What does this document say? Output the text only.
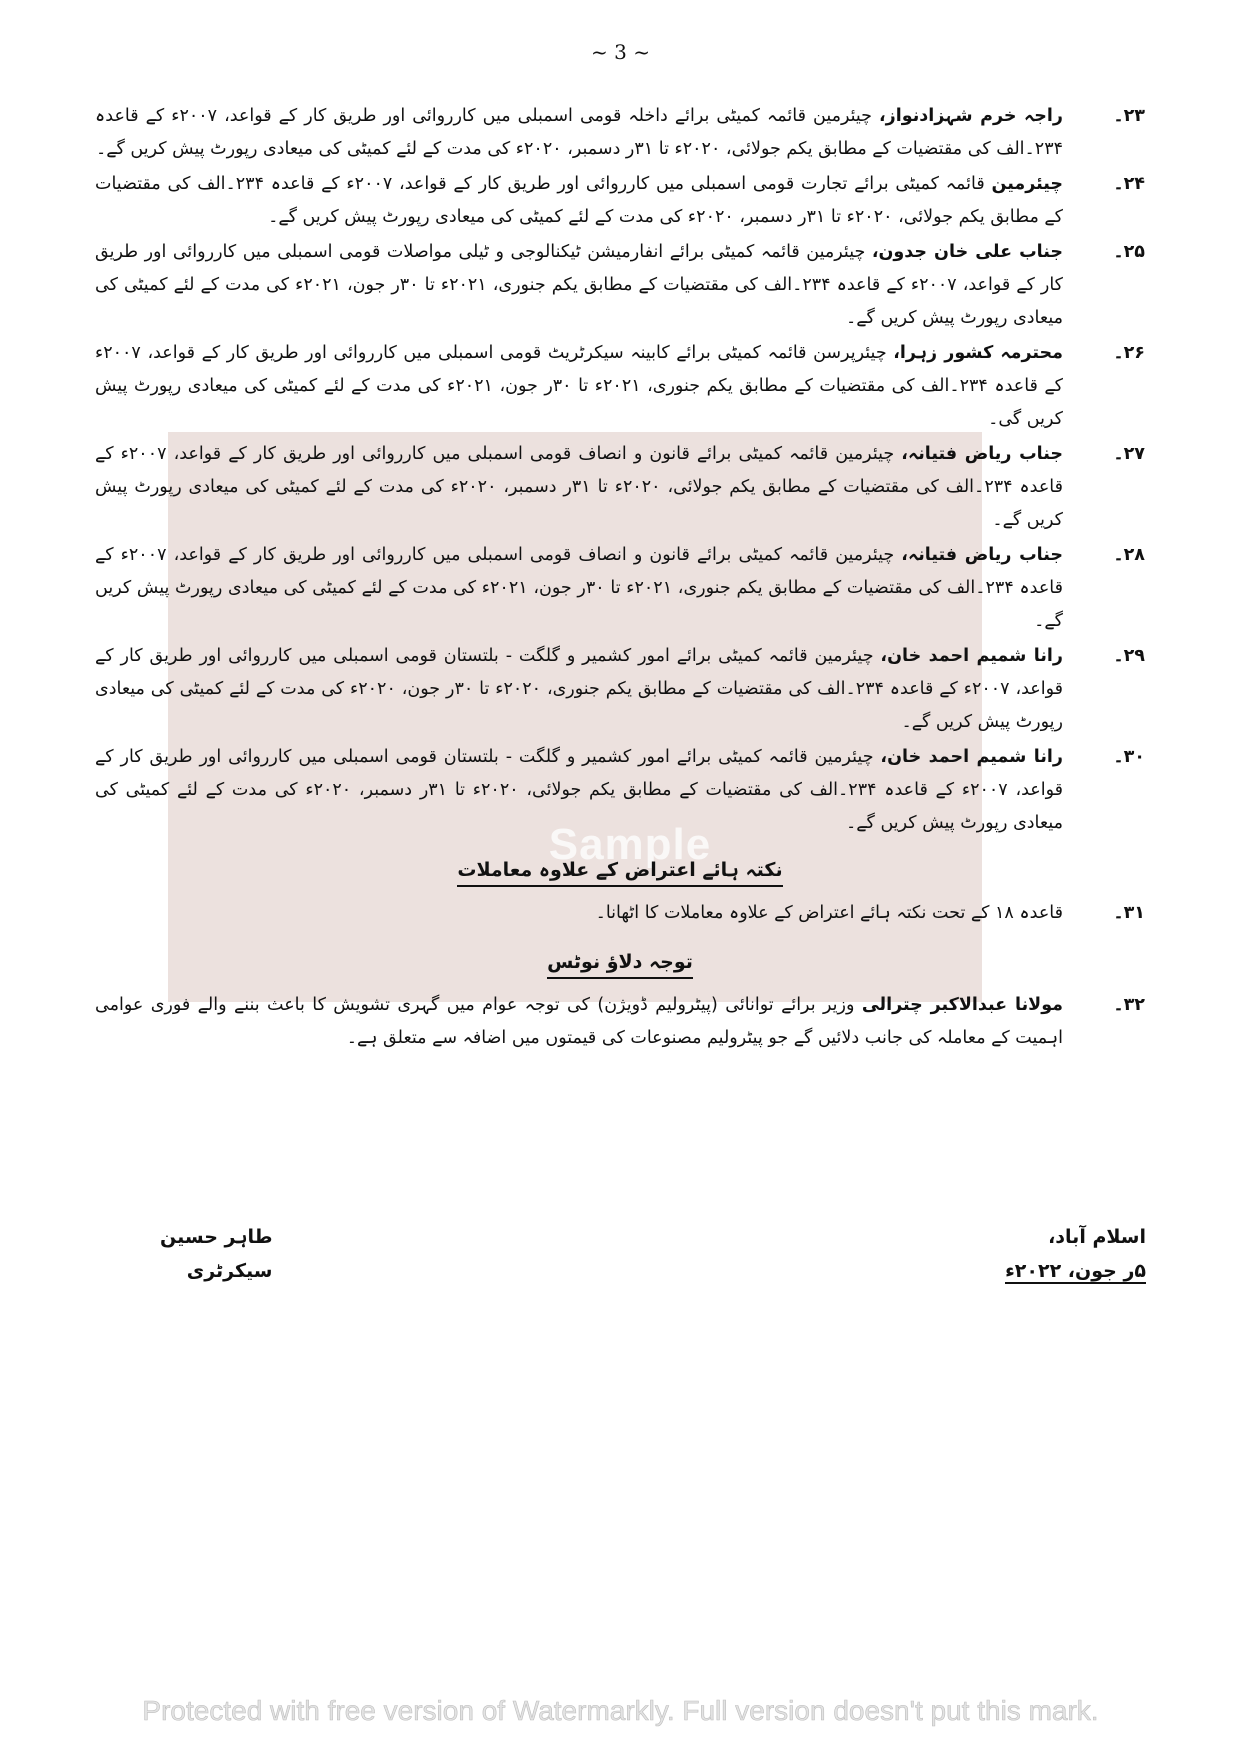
~ 3 ~
Sample
۲۳۔
راجہ خرم شہزادنواز، چیئرمین قائمہ کمیٹی برائے داخلہ قومی اسمبلی میں کارروائی اور طریق کار کے قواعد، ۲۰۰۷ء کے قاعدہ ۲۳۴۔الف کی مقتضیات کے مطابق یکم جولائی، ۲۰۲۰ء تا ۳۱ر دسمبر، ۲۰۲۰ء کی مدت کے لئے کمیٹی کی میعادی رپورٹ پیش کریں گے۔
۲۴۔
چیئرمین قائمہ کمیٹی برائے تجارت قومی اسمبلی میں کارروائی اور طریق کار کے قواعد، ۲۰۰۷ء کے قاعدہ ۲۳۴۔الف کی مقتضیات کے مطابق یکم جولائی، ۲۰۲۰ء تا ۳۱ر دسمبر، ۲۰۲۰ء کی مدت کے لئے کمیٹی کی میعادی رپورٹ پیش کریں گے۔
۲۵۔
جناب علی خان جدون، چیئرمین قائمہ کمیٹی برائے انفارمیشن ٹیکنالوجی و ٹیلی مواصلات قومی اسمبلی میں کارروائی اور طریق کار کے قواعد، ۲۰۰۷ء کے قاعدہ ۲۳۴۔الف کی مقتضیات کے مطابق یکم جنوری، ۲۰۲۱ء تا ۳۰ر جون، ۲۰۲۱ء کی مدت کے لئے کمیٹی کی میعادی رپورٹ پیش کریں گے۔
۲۶۔
محترمہ کشور زہرا، چیئرپرسن قائمہ کمیٹی برائے کابینہ سیکرٹریٹ قومی اسمبلی میں کارروائی اور طریق کار کے قواعد، ۲۰۰۷ء کے قاعدہ ۲۳۴۔الف کی مقتضیات کے مطابق یکم جنوری، ۲۰۲۱ء تا ۳۰ر جون، ۲۰۲۱ء کی مدت کے لئے کمیٹی کی میعادی رپورٹ پیش کریں گی۔
۲۷۔
جناب ریاض فتیانہ، چیئرمین قائمہ کمیٹی برائے قانون و انصاف قومی اسمبلی میں کارروائی اور طریق کار کے قواعد، ۲۰۰۷ء کے قاعدہ ۲۳۴۔الف کی مقتضیات کے مطابق یکم جولائی، ۲۰۲۰ء تا ۳۱ر دسمبر، ۲۰۲۰ء کی مدت کے لئے کمیٹی کی میعادی رپورٹ پیش کریں گے۔
۲۸۔
جناب ریاض فتیانہ، چیئرمین قائمہ کمیٹی برائے قانون و انصاف قومی اسمبلی میں کارروائی اور طریق کار کے قواعد، ۲۰۰۷ء کے قاعدہ ۲۳۴۔الف کی مقتضیات کے مطابق یکم جنوری، ۲۰۲۱ء تا ۳۰ر جون، ۲۰۲۱ء کی مدت کے لئے کمیٹی کی میعادی رپورٹ پیش کریں گے۔
۲۹۔
رانا شمیم احمد خان، چیئرمین قائمہ کمیٹی برائے امور کشمیر و گلگت - بلتستان قومی اسمبلی میں کارروائی اور طریق کار کے قواعد، ۲۰۰۷ء کے قاعدہ ۲۳۴۔الف کی مقتضیات کے مطابق یکم جنوری، ۲۰۲۰ء تا ۳۰ر جون، ۲۰۲۰ء کی مدت کے لئے کمیٹی کی میعادی رپورٹ پیش کریں گے۔
۳۰۔
رانا شمیم احمد خان، چیئرمین قائمہ کمیٹی برائے امور کشمیر و گلگت - بلتستان قومی اسمبلی میں کارروائی اور طریق کار کے قواعد، ۲۰۰۷ء کے قاعدہ ۲۳۴۔الف کی مقتضیات کے مطابق یکم جولائی، ۲۰۲۰ء تا ۳۱ر دسمبر، ۲۰۲۰ء کی مدت کے لئے کمیٹی کی میعادی رپورٹ پیش کریں گے۔
نکتہ ہائے اعتراض کے علاوہ معاملات
۳۱۔
قاعدہ ۱۸ کے تحت نکتہ ہائے اعتراض کے علاوہ معاملات کا اٹھانا۔
توجہ دلاؤ نوٹس
۳۲۔
مولانا عبدالاکبر چترالی وزیر برائے توانائی (پیٹرولیم ڈویژن) کی توجہ عوام میں گہری تشویش کا باعث بننے والے فوری عوامی اہمیت کے معاملہ کی جانب دلائیں گے جو پیٹرولیم مصنوعات کی قیمتوں میں اضافہ سے متعلق ہے۔
اسلام آباد،
۵ر جون، ۲۰۲۲ء
طاہر حسین
سیکرٹری
Protected with free version of Watermarkly. Full version doesn't put this mark.
